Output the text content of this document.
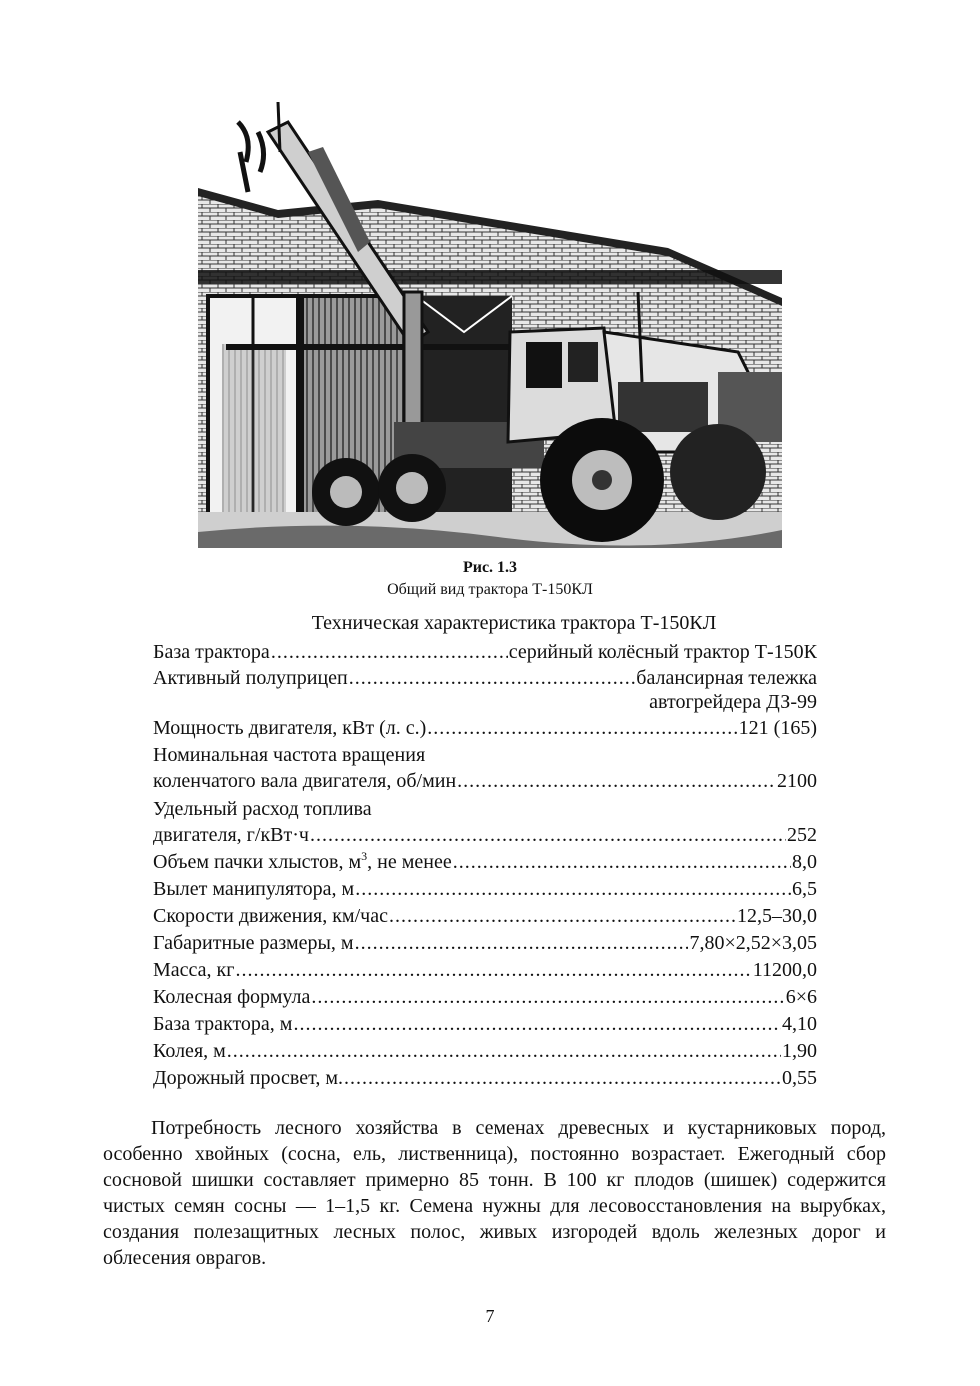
Рис. 1.3
Общий вид трактора Т-150КЛ
Техническая характеристика трактора Т-150КЛ
База трактора .....	серийный колёсный трактор Т-150К
Активный полуприцеп .....	балансирная тележка
автогрейдера ДЗ-99
Мощность двигателя, кВт (л. с.) .....	121 (165)
Номинальная частота вращения
коленчатого вала двигателя, об/мин .....	2100
Удельный расход топлива
двигателя, г/кВт·ч .....	252
Объем пачки хлыстов, $м^3$, не менее .....	8,0
Вылет манипулятора, м .....	6,5
Скорости движения, км/час .....	12,5–30,0
Габаритные размеры, м .....	7,80×2,52×3,05
Масса, кг .....	11200,0
Колесная формула .....	6×6
База трактора, м .....	4,10
Колея, м .....	1,90
Дорожный просвет, м. .....	0,55

Потребность лесного хозяйства в семенах древесных и кустарниковых пород, особенно хвойных (сосна, ель, лиственница), постоянно возрастает. Ежегодный сбор сосновой шишки составляет примерно 85 тонн. В 100 кг плодов (шишек) содержится чистых семян сосны — 1–1,5 кг. Семена нужны для лесовосстановления на вырубках, создания полезащитных лесных полос, живых изгородей вдоль железных дорог и облесения оврагов.

7
